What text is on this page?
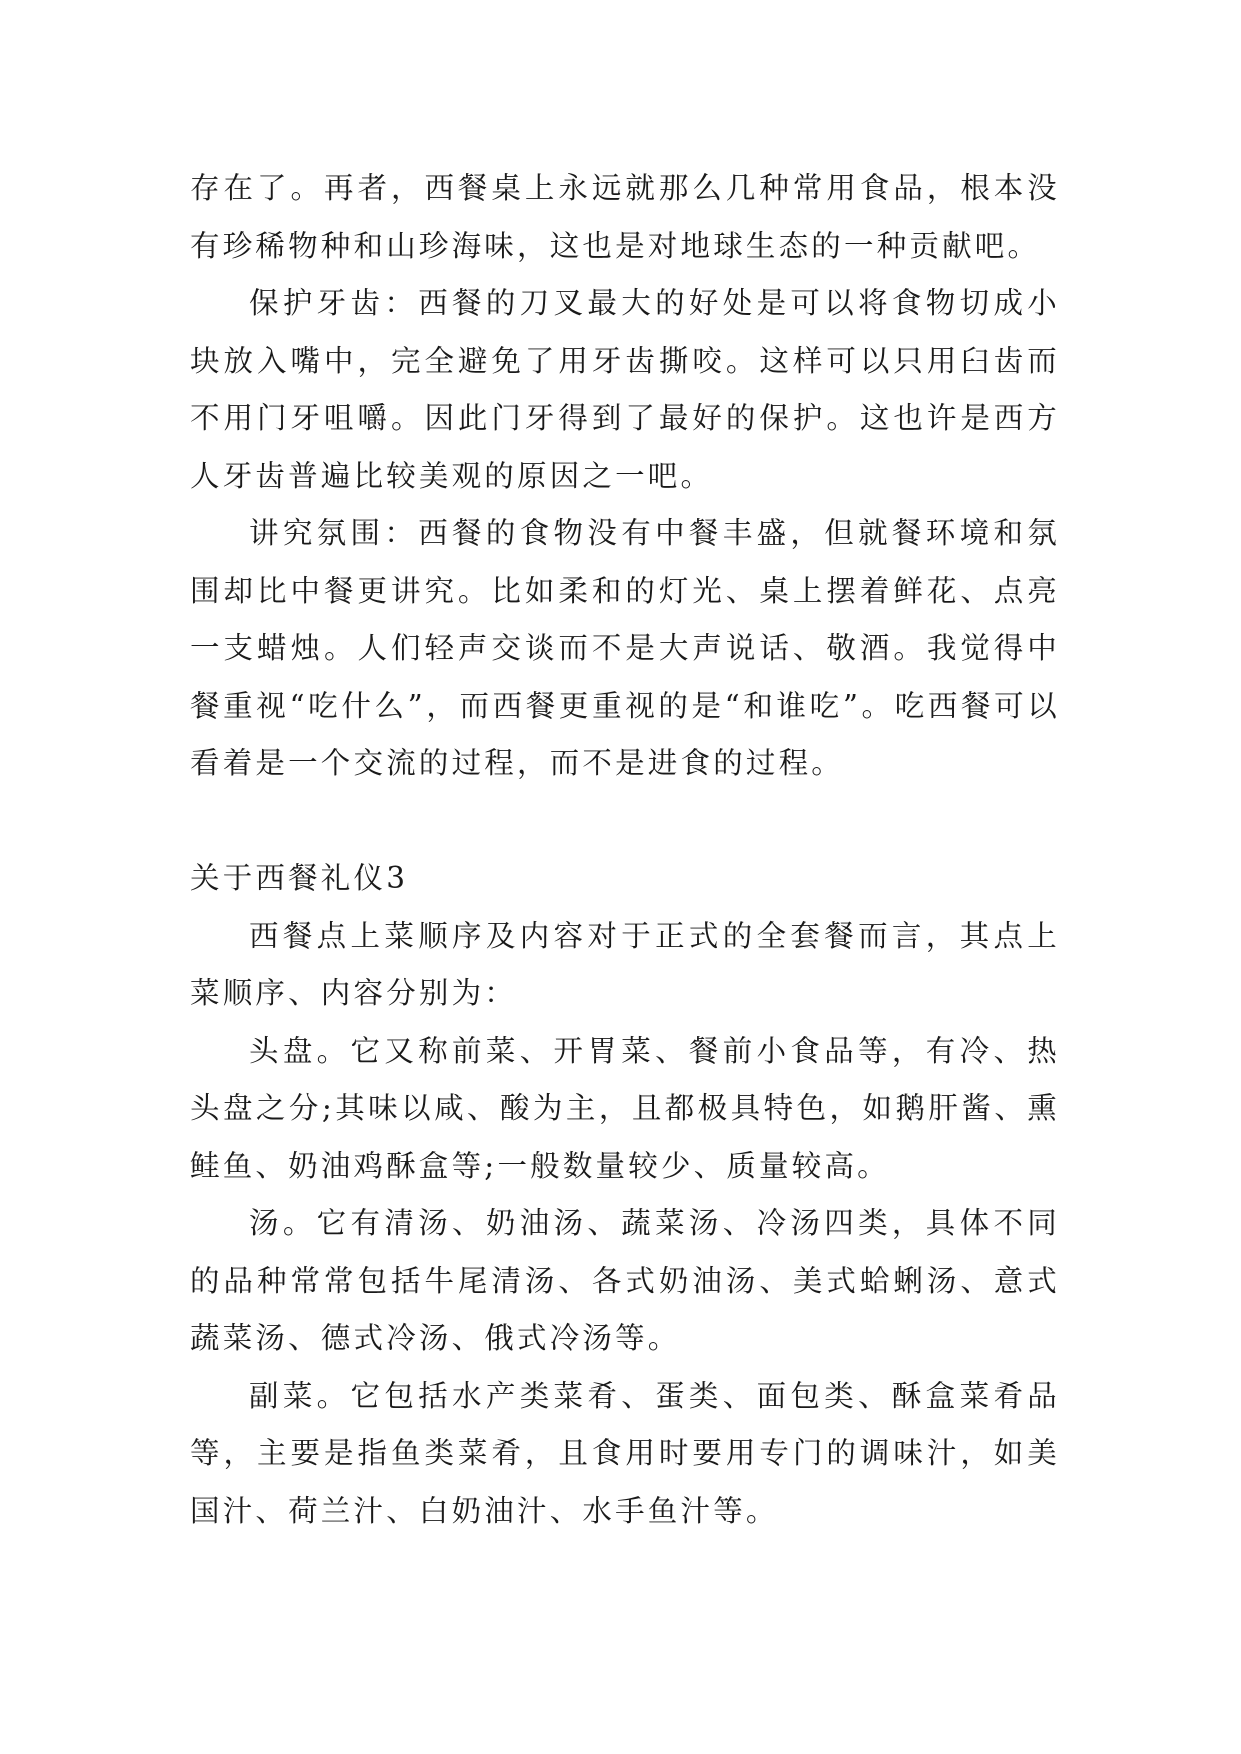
存在了。再者，西餐桌上永远就那么几种常用食品，根本没有珍稀物种和山珍海味，这也是对地球生态的一种贡献吧。

保护牙齿：西餐的刀叉最大的好处是可以将食物切成小块放入嘴中，完全避免了用牙齿撕咬。这样可以只用臼齿而不用门牙咀嚼。因此门牙得到了最好的保护。这也许是西方人牙齿普遍比较美观的原因之一吧。

讲究氛围：西餐的食物没有中餐丰盛，但就餐环境和氛围却比中餐更讲究。比如柔和的灯光、桌上摆着鲜花、点亮一支蜡烛。人们轻声交谈而不是大声说话、敬酒。我觉得中餐重视“吃什么”，而西餐更重视的是“和谁吃”。吃西餐可以看着是一个交流的过程，而不是进食的过程。

关于西餐礼仪3

西餐点上菜顺序及内容对于正式的全套餐而言，其点上菜顺序、内容分别为：

头盘。它又称前菜、开胃菜、餐前小食品等，有冷、热头盘之分;其味以咸、酸为主，且都极具特色，如鹅肝酱、熏鲑鱼、奶油鸡酥盒等;一般数量较少、质量较高。

汤。它有清汤、奶油汤、蔬菜汤、冷汤四类，具体不同的品种常常包括牛尾清汤、各式奶油汤、美式蛤蜊汤、意式蔬菜汤、德式冷汤、俄式冷汤等。

副菜。它包括水产类菜肴、蛋类、面包类、酥盒菜肴品等，主要是指鱼类菜肴，且食用时要用专门的调味汁，如美国汁、荷兰汁、白奶油汁、水手鱼汁等。
